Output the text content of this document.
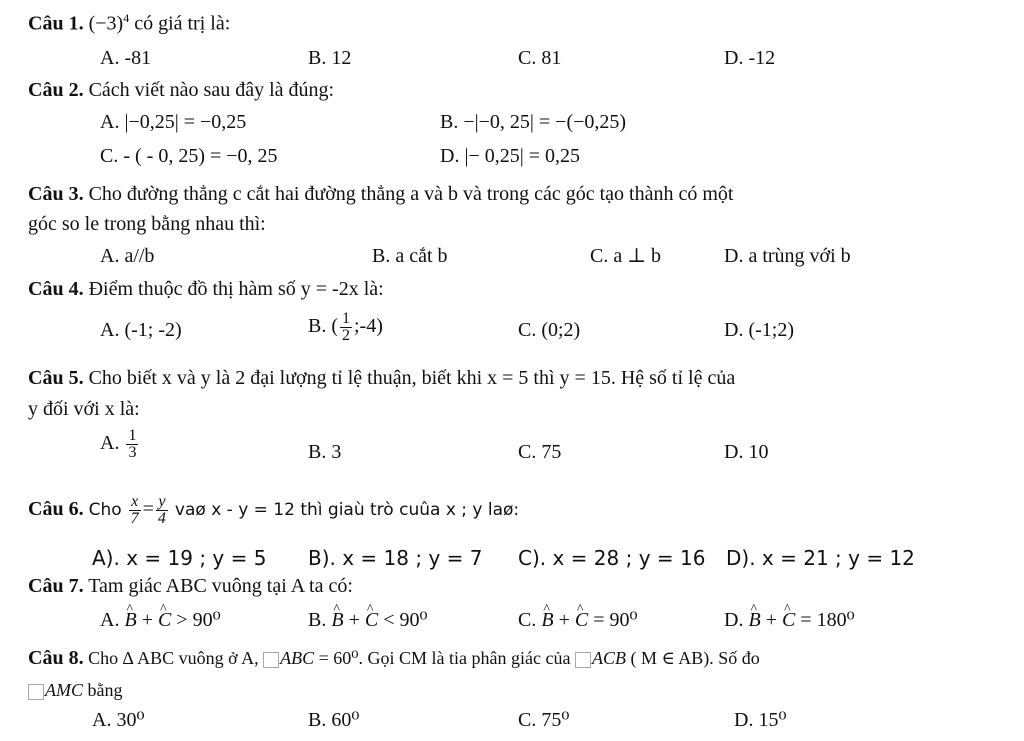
Câu 1. $(-3)^4$ có giá trị là:
A. -81	B. 12	C. 81	D. -12
Câu 2. Cách viết nào sau đây là đúng:
A. |−0,25| = −0,25	B. −|−0, 25| = −(−0,25)
C. - ( - 0, 25) = −0, 25	D. |− 0,25| = 0,25
Câu 3. Cho đường thẳng c cắt hai đường thẳng a và b và trong các góc tạo thành có một
góc so le trong bằng nhau thì:
A. a//b	B. a cắt b	C. a ⊥ b	D. a trùng với b
Câu 4. Điểm thuộc đồ thị hàm số y = -2x là:
A. (-1; -2)	B. ( $\frac{1}{2}$ ;-4)	C. (0;2)	D. (-1;2)
Câu 5. Cho biết x và y là 2 đại lượng tỉ lệ thuận, biết khi x = 5 thì y = 15. Hệ số tỉ lệ của
y đối với x là:
A. $\frac{1}{3}$	B. 3	C. 75	D. 10
Câu 6. Cho $\frac{x}{7} = \frac{y}{4}$ vaø x - y = 12 thì giaù trò cuûa x ; y laø:
A). x = 19 ; y = 5 B). x = 18 ; y = 7 C). x = 28 ; y = 16 D). x = 21 ; y = 12
Câu 7. Tam giác ABC vuông tại A ta có:
A. ^ B + ^ C > 90⁰	B. ^ B + ^ C < 90⁰	C. ^ B + ^ C = 90⁰	D. ^ B + ^ C = 180⁰
Câu 8. Cho ∆ ABC vuông ở A, ABC = 60⁰. Gọi CM là tia phân giác của ACB ( M ∈ AB). Số đo
AMC bằng
A. 30⁰	B. 60⁰	C. 75⁰	D. 15⁰
